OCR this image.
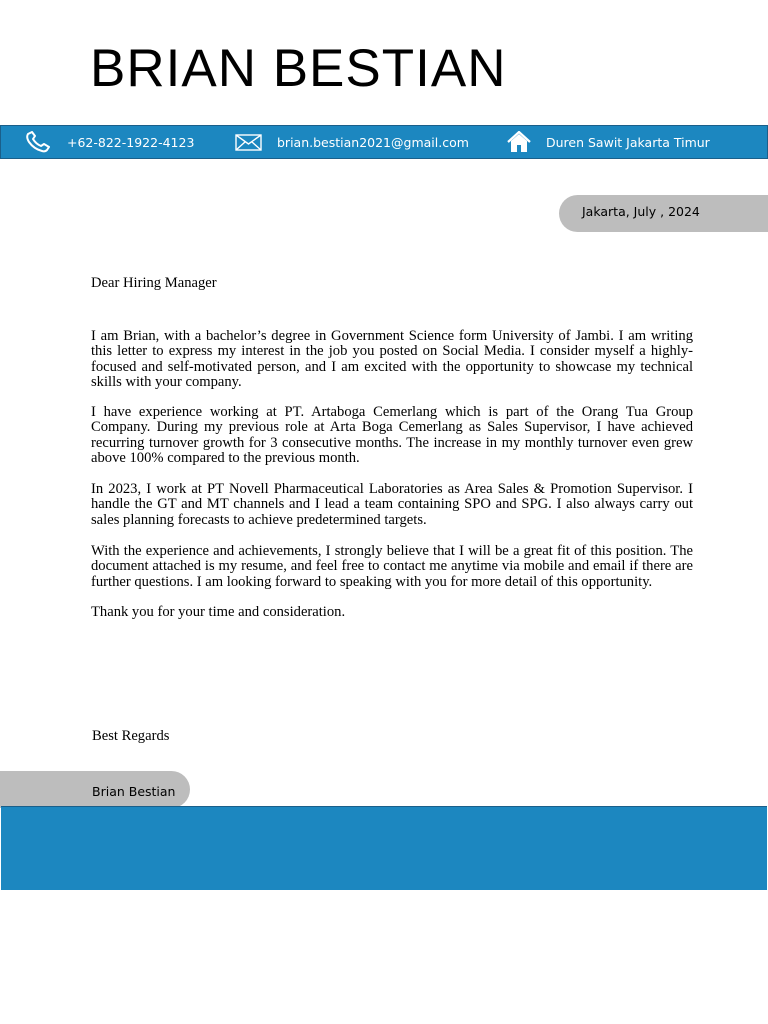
BRIAN BESTIAN
+62-822-1922-4123	brian.bestian2021@gmail.com	Duren Sawit Jakarta Timur
Jakarta, July , 2024

Dear Hiring Manager

I am Brian, with a bachelor’s degree in Government Science form University of Jambi. I am writing this letter to express my interest in the job you posted on Social Media. I consider myself a highly-focused and self-motivated person, and I am excited with the opportunity to showcase my technical skills with your company.

I have experience working at PT. Artaboga Cemerlang which is part of the Orang Tua Group Company. During my previous role at Arta Boga Cemerlang as Sales Supervisor, I have achieved recurring turnover growth for 3 consecutive months. The increase in my monthly turnover even grew above 100% compared to the previous month.

In 2023, I work at PT Novell Pharmaceutical Laboratories as Area Sales & Promotion Supervisor. I handle the GT and MT channels and I lead a team containing SPO and SPG. I also always carry out sales planning forecasts to achieve predetermined targets.

With the experience and achievements, I strongly believe that I will be a great fit of this position. The document attached is my resume, and feel free to contact me anytime via mobile and email if there are further questions. I am looking forward to speaking with you for more detail of this opportunity.

Thank you for your time and consideration.

Best Regards

Brian Bestian
